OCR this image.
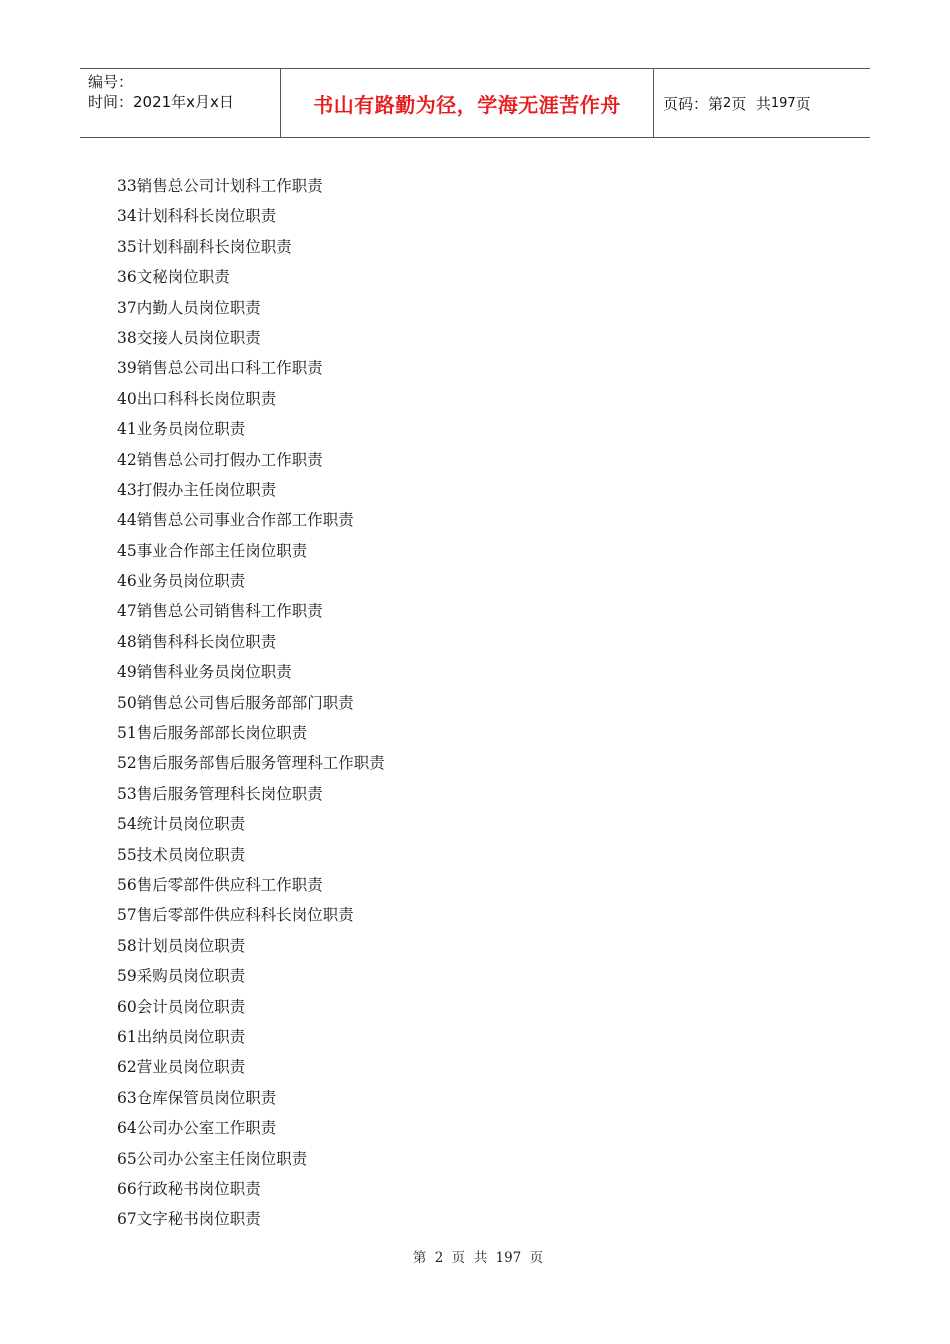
编号：
时间：2021年x月x日	书山有路勤为径，学海无涯苦作舟	页码：第 2 页  共 197 页
33销售总公司计划科工作职责
34计划科科长岗位职责
35计划科副科长岗位职责
36文秘岗位职责
37内勤人员岗位职责
38交接人员岗位职责
39销售总公司出口科工作职责
40出口科科长岗位职责
41业务员岗位职责
42销售总公司打假办工作职责
43打假办主任岗位职责
44销售总公司事业合作部工作职责
45事业合作部主任岗位职责
46业务员岗位职责
47销售总公司销售科工作职责
48销售科科长岗位职责
49销售科业务员岗位职责
50销售总公司售后服务部部门职责
51售后服务部部长岗位职责
52售后服务部售后服务管理科工作职责
53售后服务管理科长岗位职责
54统计员岗位职责
55技术员岗位职责
56售后零部件供应科工作职责
57售后零部件供应科科长岗位职责
58计划员岗位职责
59采购员岗位职责
60会计员岗位职责
61出纳员岗位职责
62营业员岗位职责
63仓库保管员岗位职责
64公司办公室工作职责
65公司办公室主任岗位职责
66行政秘书岗位职责
67文字秘书岗位职责
第 2 页  共 197 页
